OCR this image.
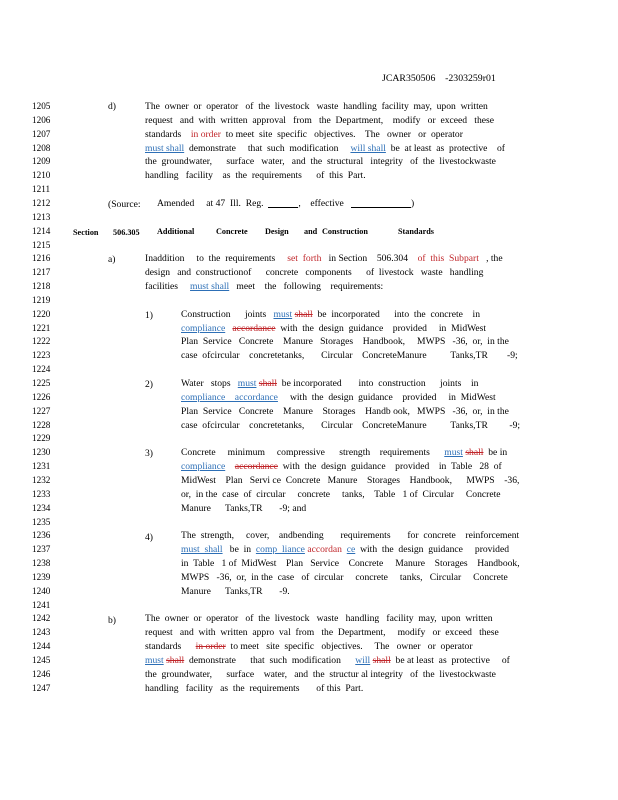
JCAR350506    -2303259r01
1205
1206
1207
1208
1209
1210
1211
1212
1213
1214
1215
1216
1217
1218
1219
1220
1221
1222
1223
1224
1225
1226
1227
1228
1229
1230
1231
1232
1233
1234
1235
1236
1237
1238
1239
1240
1241
1242
1243
1244
1245
1246
1247
d)
(Source:
Section 506.305
a)
1)
2)
3)
4)
b)
The  owner  or  operator   of  the  livestock   waste  handling  facility  may,  upon  written
request   and  with  written  approval   from   the  Department,    modify   or  exceed   these
standards    in order  to meet  site  specific   objectives.    The   owner   or  operator
must shall  demonstrate     that  such  modification     will shall  be  at least  as  protective    of
the  groundwater,      surface   water,   and  the  structural   integrity   of  the  livestockwaste
handling   facility    as  the  requirements      of  this  Part.
Amended     at 47  Ill.  Reg.	,    effective	)
Additional	Concrete Design and Construction	Standards
Inaddition     to  the  requirements     set  forth   in Section    506.304    of  this  Subpart   , the
design   and  constructionof      concrete   components      of  livestock   waste   handling
facilities     must shall   meet    the   following    requirements:
Construction      joints   must shall  be  incorporated      into  the  concrete    in
compliance accordance  with  the  design  guidance    provided     in  MidWest
Plan  Service   Concrete    Manure   Storages    Handbook,     MWPS   -36,  or,  in the
case  ofcircular    concretetanks,       Circular    ConcreteManure          Tanks,TR        -9;
Water   stops   must shall  be incorporated       into  construction      joints    in
compliance    accordance     with  the  design  guidance    provided     in  MidWest
Plan  Service   Concrete    Manure    Storages    Handb ook,   MWPS   -36,  or,  in the
case  ofcircular    concretetanks,       Circular    ConcreteManure          Tanks,TR         -9;
Concrete     minimum     compressive      strength    requirements      must shall  be in
compliance accordance  with  the  design  guidance    provided    in  Table   28  of
MidWest    Plan   Servi ce  Concrete   Manure    Storages    Handbook,      MWPS    -36,
or,  in the  case  of  circular     concrete     tanks,    Table   1 of  Circular     Concrete
Manure      Tanks,TR       -9; and
The  strength,     cover,    andbending       requirements       for  concrete    reinforcement
must  shall   be  in  comp  liance accordan ce  with  the  design  guidance     provided
in  Table   1 of  MidWest    Plan   Service    Concrete     Manure    Storages    Handbook,
MWPS   -36,  or,  in the  case   of  circular     concrete     tanks,   Circular     Concrete
Manure      Tanks,TR       -9.
The  owner  or  operator   of  the  livestock   waste   handling   facility  may,  upon  written
request   and  with  written  appro  val  from   the  Department,     modify   or  exceed   these
standards      in order  to meet   site  specific   objectives.     The   owner   or  operator
must shall  demonstrate      that  such  modification      will shall  be at least  as  protective     of
the  groundwater,      surface    water,   and  the  structur al integrity   of  the  livestockwaste
handling   facility   as  the  requirements       of this  Part.
